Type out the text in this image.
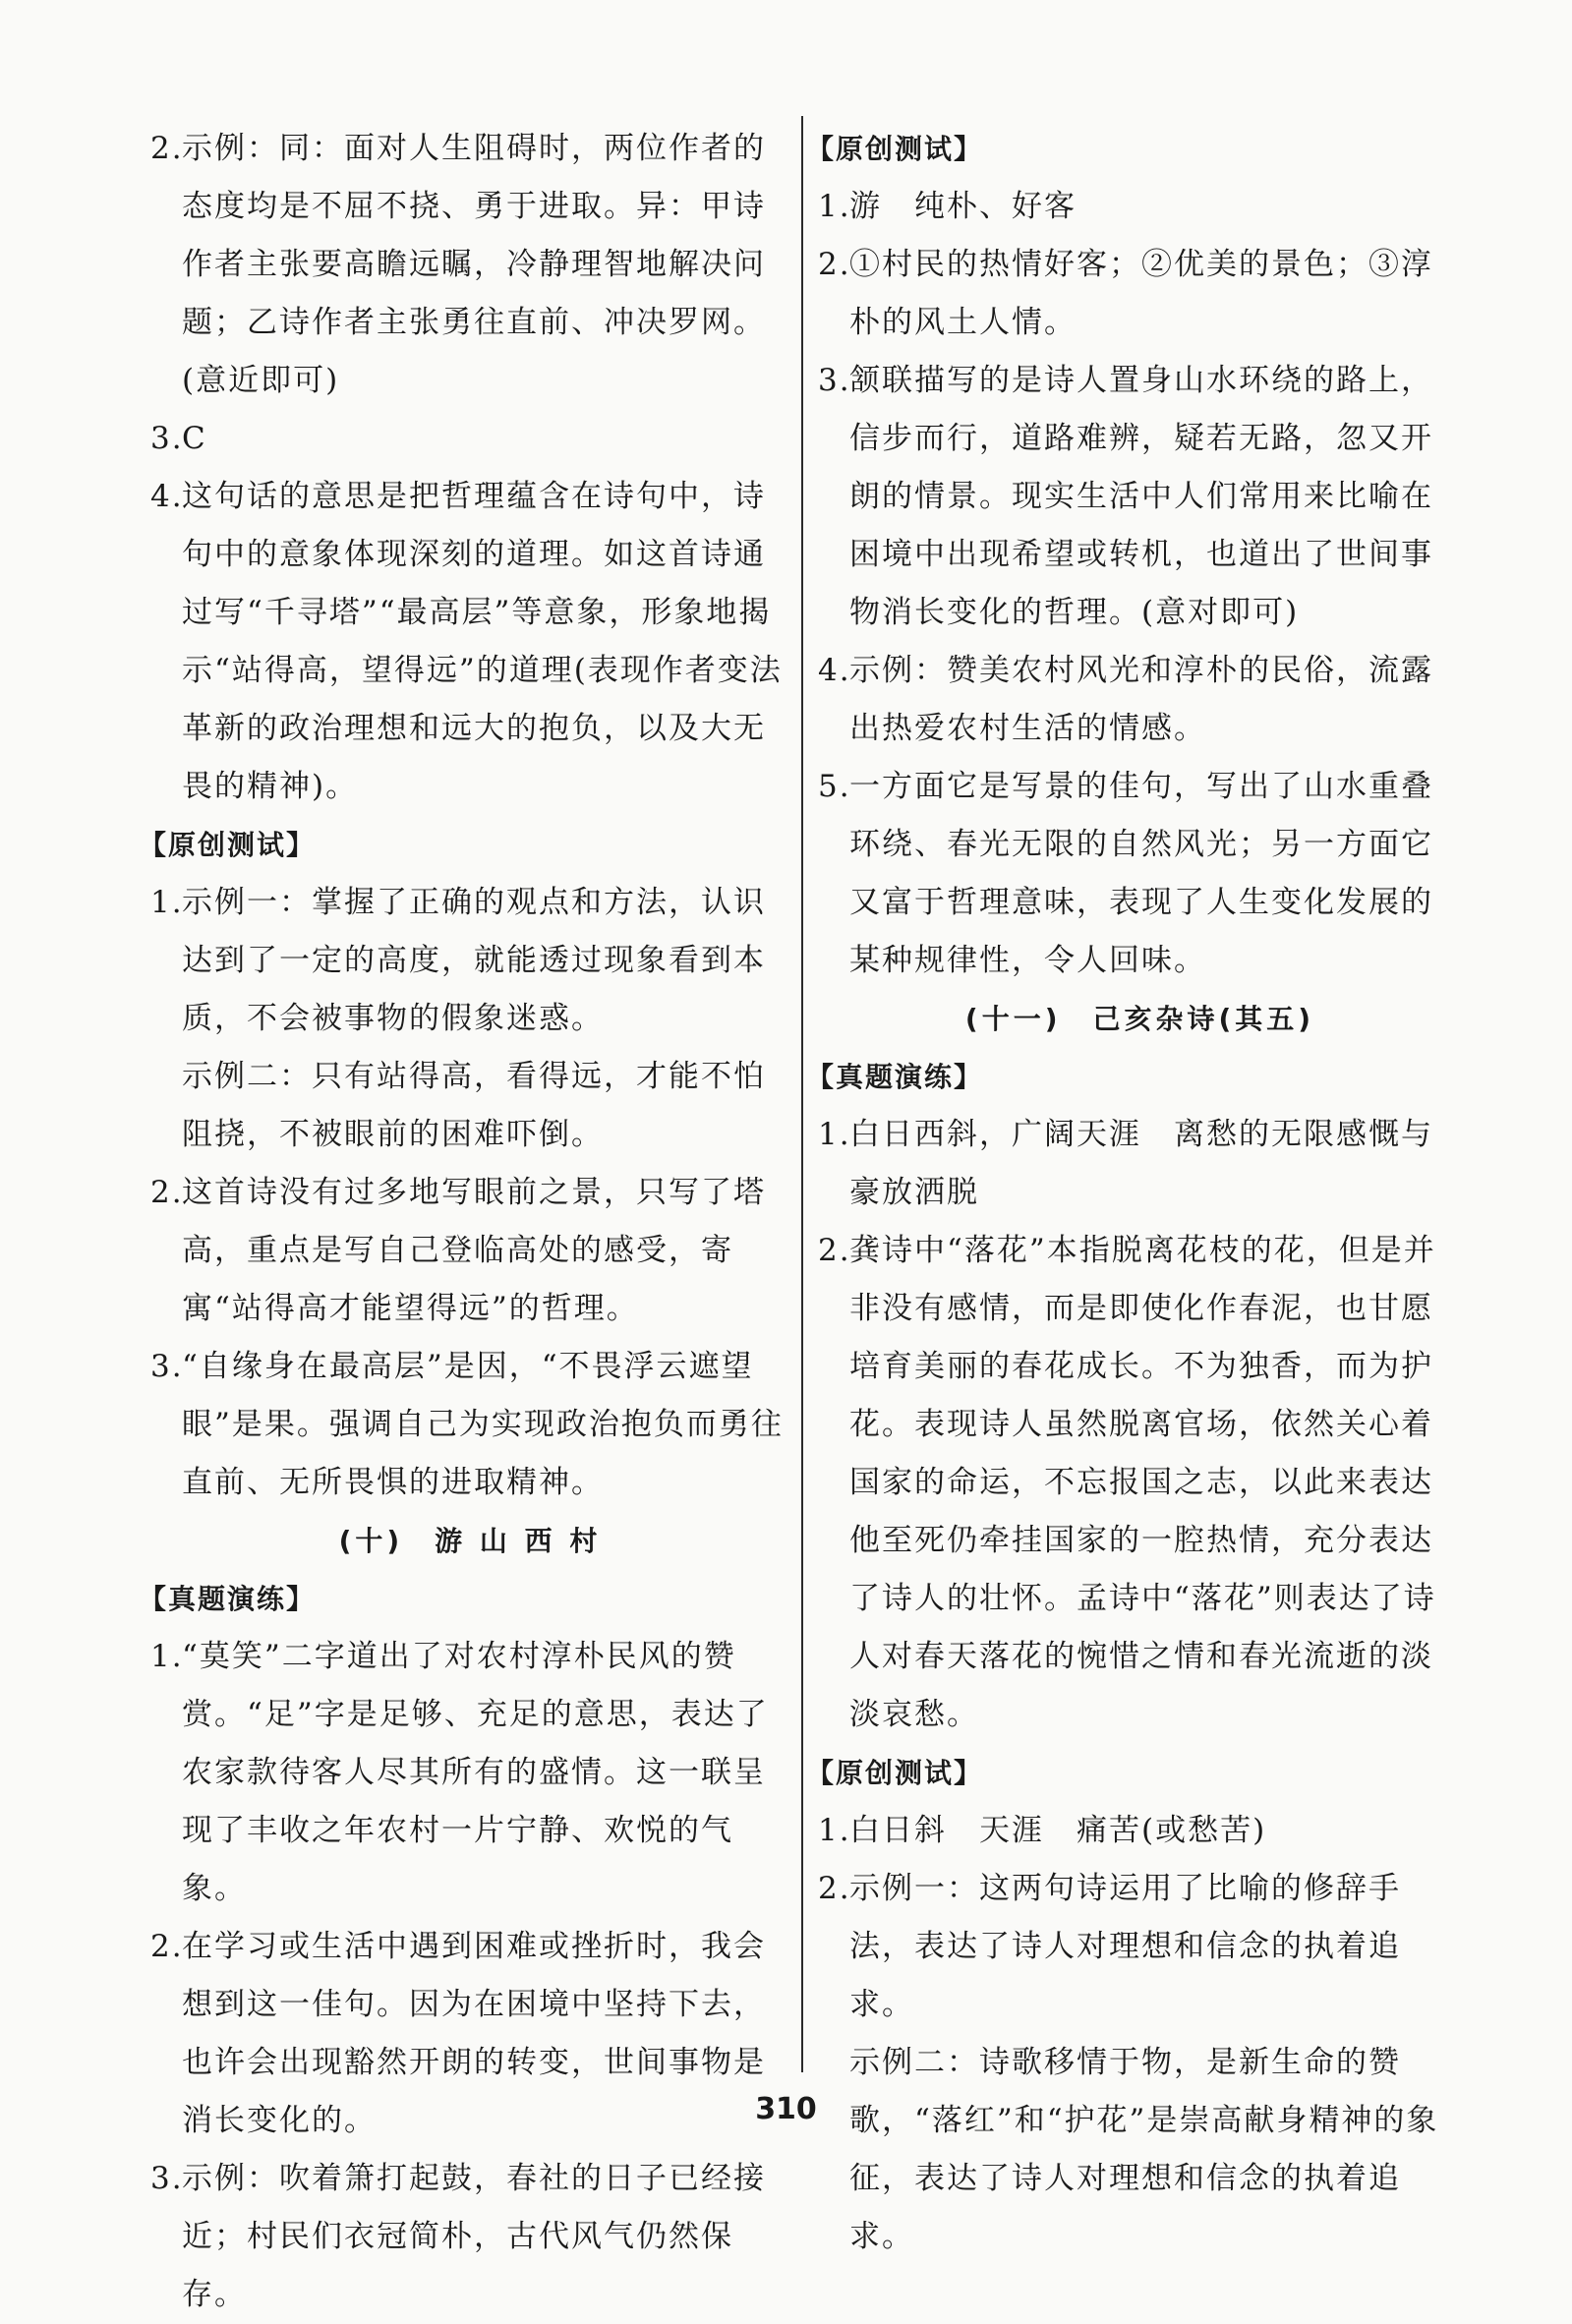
2.
示例：同：面对人生阻碍时，两位作者的态度均是不屈不挠、勇于进取。异：甲诗作者主张要高瞻远瞩，冷静理智地解决问题；乙诗作者主张勇往直前、冲决罗网。(意近即可)
3.
C
4.
这句话的意思是把哲理蕴含在诗句中，诗句中的意象体现深刻的道理。如这首诗通过写“千寻塔”“最高层”等意象，形象地揭示“站得高，望得远”的道理(表现作者变法革新的政治理想和远大的抱负，以及大无畏的精神)。
【原创测试】
1.
示例一：掌握了正确的观点和方法，认识达到了一定的高度，就能透过现象看到本质，不会被事物的假象迷惑。
示例二：只有站得高，看得远，才能不怕阻挠，不被眼前的困难吓倒。
2.
这首诗没有过多地写眼前之景，只写了塔高，重点是写自己登临高处的感受，寄寓“站得高才能望得远”的哲理。
3.
“自缘身在最高层”是因，“不畏浮云遮望眼”是果。强调自己为实现政治抱负而勇往直前、无所畏惧的进取精神。
(十)　游 山 西 村
【真题演练】
1.
“莫笑”二字道出了对农村淳朴民风的赞赏。“足”字是足够、充足的意思，表达了农家款待客人尽其所有的盛情。这一联呈现了丰收之年农村一片宁静、欢悦的气象。
2.
在学习或生活中遇到困难或挫折时，我会想到这一佳句。因为在困境中坚持下去，也许会出现豁然开朗的转变，世间事物是消长变化的。
3.
示例：吹着箫打起鼓，春社的日子已经接近；村民们衣冠简朴，古代风气仍然保存。
【原创测试】
1.
游　纯朴、好客
2.
①村民的热情好客；②优美的景色；③淳朴的风土人情。
3.
颔联描写的是诗人置身山水环绕的路上，信步而行，道路难辨，疑若无路，忽又开朗的情景。现实生活中人们常用来比喻在困境中出现希望或转机，也道出了世间事物消长变化的哲理。(意对即可)
4.
示例：赞美农村风光和淳朴的民俗，流露出热爱农村生活的情感。
5.
一方面它是写景的佳句，写出了山水重叠环绕、春光无限的自然风光；另一方面它又富于哲理意味，表现了人生变化发展的某种规律性，令人回味。
(十一)　己亥杂诗(其五)
【真题演练】
1.
白日西斜，广阔天涯　离愁的无限感慨与豪放洒脱
2.
龚诗中“落花”本指脱离花枝的花，但是并非没有感情，而是即使化作春泥，也甘愿培育美丽的春花成长。不为独香，而为护花。表现诗人虽然脱离官场，依然关心着国家的命运，不忘报国之志，以此来表达他至死仍牵挂国家的一腔热情，充分表达了诗人的壮怀。孟诗中“落花”则表达了诗人对春天落花的惋惜之情和春光流逝的淡淡哀愁。
【原创测试】
1.
白日斜　天涯　痛苦(或愁苦)
2.
示例一：这两句诗运用了比喻的修辞手法，表达了诗人对理想和信念的执着追求。
示例二：诗歌移情于物，是新生命的赞歌，“落红”和“护花”是崇高献身精神的象征，表达了诗人对理想和信念的执着追求。
310
